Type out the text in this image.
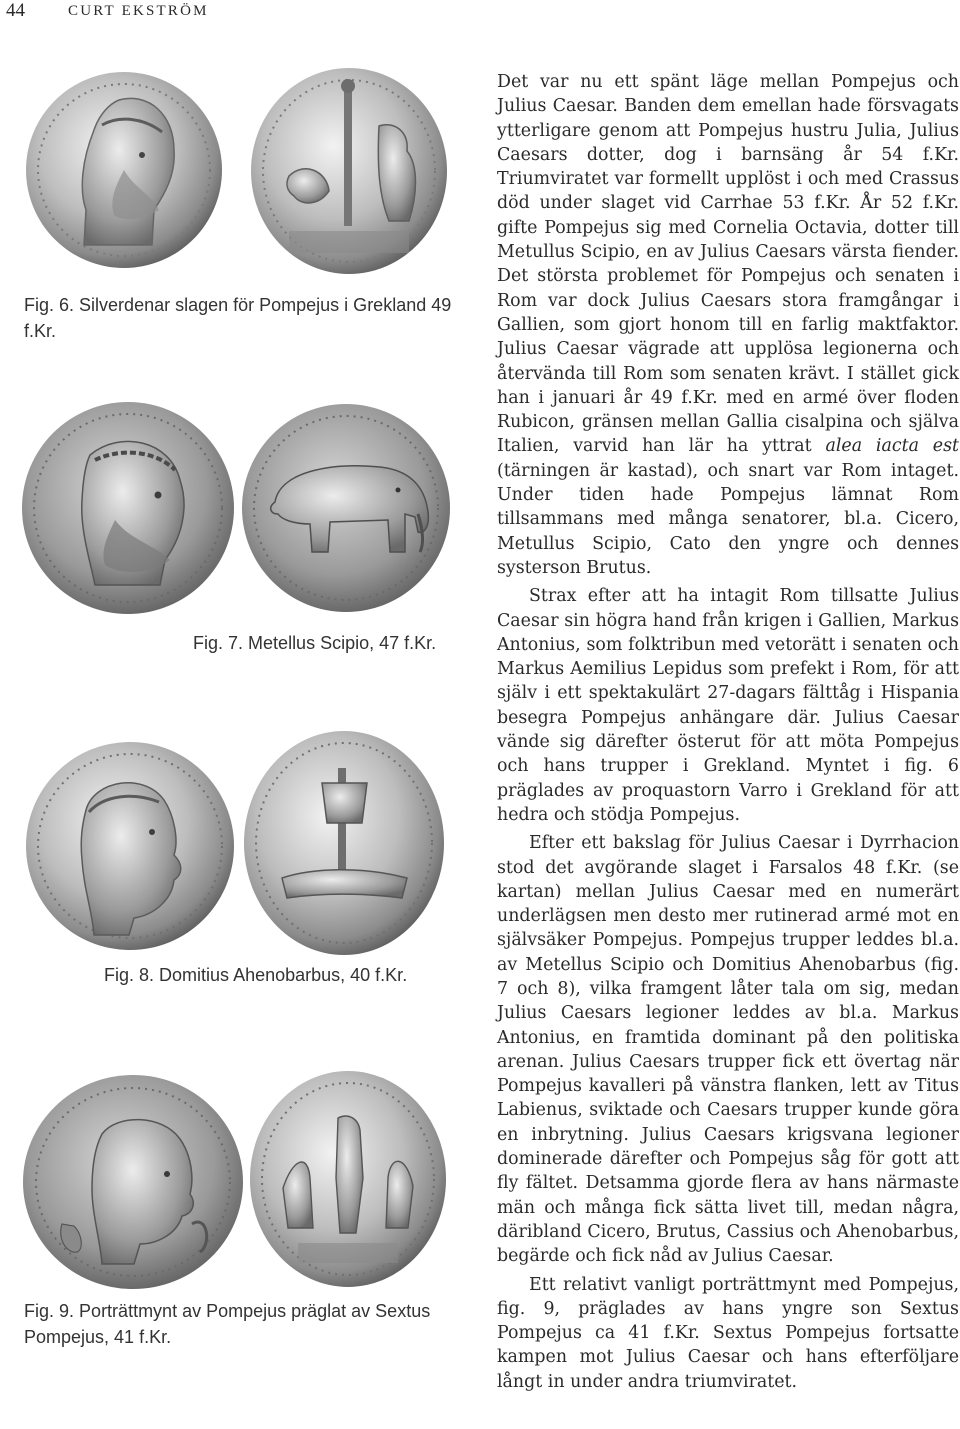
44	CURT EKSTRÖM
Fig. 6. Silverdenar slagen för Pompejus i Grekland 49 f.Kr.
Fig. 7. Metellus Scipio, 47 f.Kr.
Fig. 8. Domitius Ahenobarbus, 40 f.Kr.
Fig. 9. Porträttmynt av Pompejus präglat av Sextus Pompejus, 41 f.Kr.

Det var nu ett spänt läge mellan Pompejus och Julius Caesar. Banden dem emellan hade försvagats ytterligare genom att Pompejus hustru Julia, Julius Caesars dotter, dog i barnsäng år 54 f.Kr. Triumviratet var formellt upplöst i och med Crassus död under slaget vid Carrhae 53 f.Kr. År 52 f.Kr. gifte Pompejus sig med Cornelia Octavia, dotter till Metullus Scipio, en av Julius Caesars värsta fiender. Det största problemet för Pompejus och senaten i Rom var dock Julius Caesars stora framgångar i Gallien, som gjort honom till en farlig maktfaktor. Julius Caesar vägrade att upplösa legionerna och återvända till Rom som senaten krävt. I stället gick han i januari år 49 f.Kr. med en armé över floden Rubicon, gränsen mellan Gallia cisalpina och själva Italien, varvid han lär ha yttrat alea iacta est (tärningen är kastad), och snart var Rom intaget. Under tiden hade Pompejus lämnat Rom tillsammans med många senatorer, bl.a. Cicero, Metullus Scipio, Cato den yngre och dennes systerson Brutus.

Strax efter att ha intagit Rom tillsatte Julius Caesar sin högra hand från krigen i Gallien, Markus Antonius, som folktribun med vetorätt i senaten och Markus Aemilius Lepidus som prefekt i Rom, för att själv i ett spektakulärt 27-dagars fälttåg i Hispania besegra Pompejus anhängare där. Julius Caesar vände sig därefter österut för att möta Pompejus och hans trupper i Grekland. Myntet i fig. 6 präglades av proquastorn Varro i Grekland för att hedra och stödja Pompejus.

Efter ett bakslag för Julius Caesar i Dyrrhacion stod det avgörande slaget i Farsalos 48 f.Kr. (se kartan) mellan Julius Caesar med en numerärt underlägsen men desto mer rutinerad armé mot en självsäker Pompejus. Pompejus trupper leddes bl.a. av Metellus Scipio och Domitius Ahenobarbus (fig. 7 och 8), vilka framgent låter tala om sig, medan Julius Caesars legioner leddes av bl.a. Markus Antonius, en framtida dominant på den politiska arenan. Julius Caesars trupper fick ett övertag när Pompejus kavalleri på vänstra flanken, lett av Titus Labienus, sviktade och Caesars trupper kunde göra en inbrytning. Julius Caesars krigsvana legioner dominerade därefter och Pompejus såg för gott att fly fältet. Detsamma gjorde flera av hans närmaste män och många fick sätta livet till, medan några, däribland Cicero, Brutus, Cassius och Ahenobarbus, begärde och fick nåd av Julius Caesar.

Ett relativt vanligt porträttmynt med Pompejus, fig. 9, präglades av hans yngre son Sextus Pompejus ca 41 f.Kr. Sextus Pompejus fortsatte kampen mot Julius Caesar och hans efterföljare långt in under andra triumviratet.
